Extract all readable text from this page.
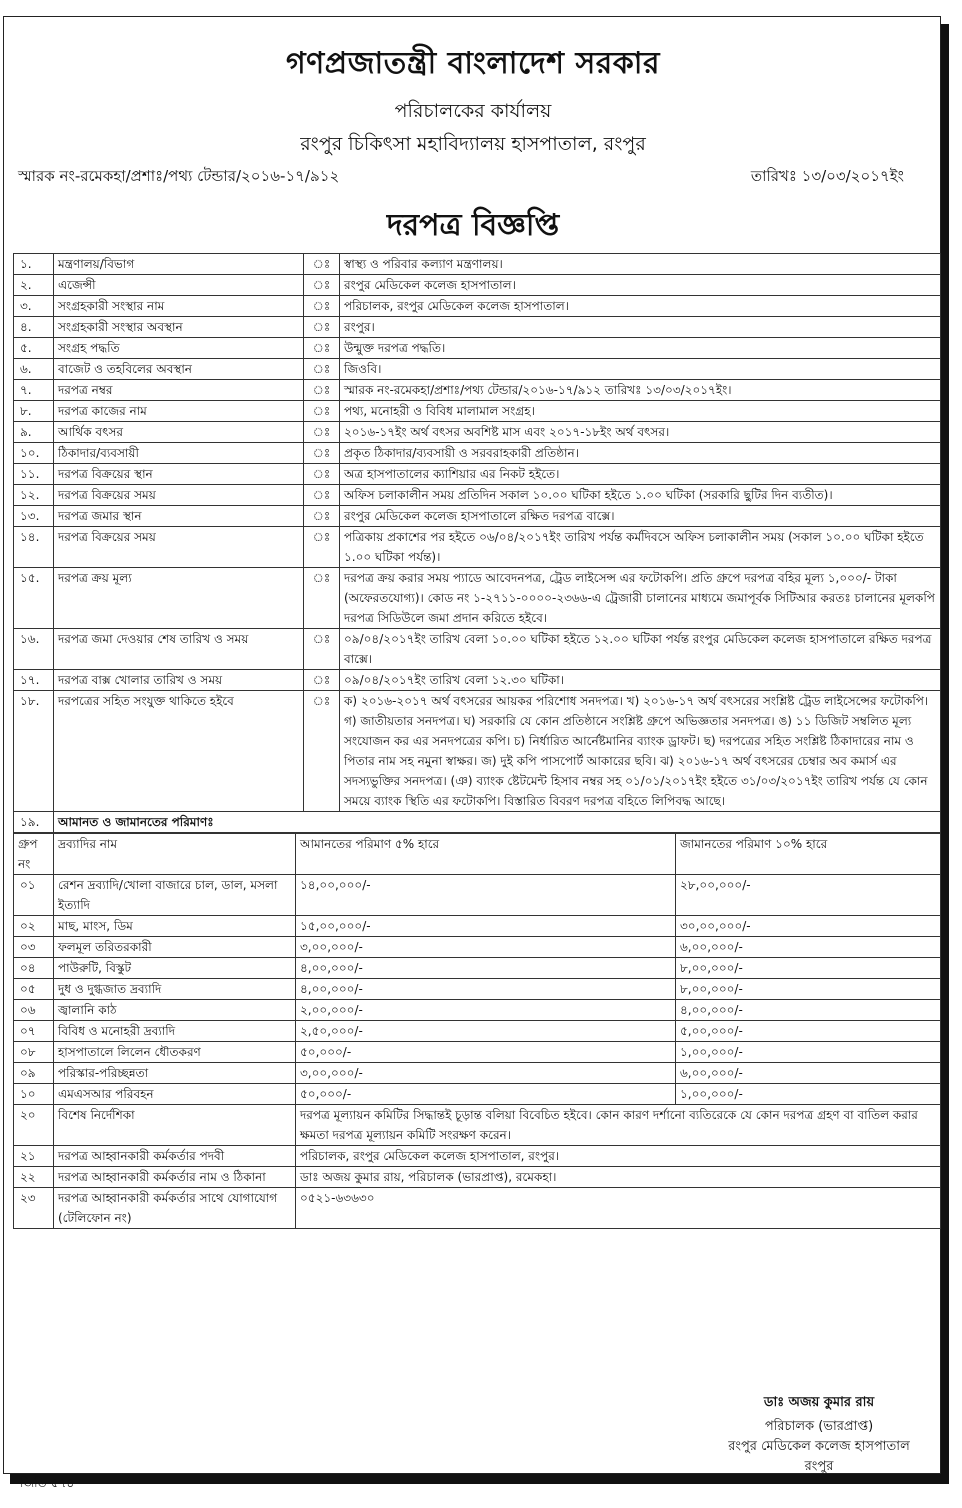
গণপ্রজাতন্ত্রী বাংলাদেশ সরকার
পরিচালকের কার্যালয়
রংপুর চিকিৎসা মহাবিদ্যালয় হাসপাতাল, রংপুর
স্মারক নং-রমেকহা/প্রশাঃ/পথ্য টেন্ডার/২০১৬-১৭/৯১২	তারিখঃ ১৩/০৩/২০১৭ইং
দরপত্র বিজ্ঞপ্তি
১.	মন্ত্রণালয়/বিভাগ	ঃ	স্বাস্থ্য ও পরিবার কল্যাণ মন্ত্রণালয়।
২.	এজেন্সী	ঃ	রংপুর মেডিকেল কলেজ হাসপাতাল।
৩.	সংগ্রহকারী সংস্থার নাম	ঃ	পরিচালক, রংপুর মেডিকেল কলেজ হাসপাতাল।
৪.	সংগ্রহকারী সংস্থার অবস্থান	ঃ	রংপুর।
৫.	সংগ্রহ পদ্ধতি	ঃ	উন্মুক্ত দরপত্র পদ্ধতি।
৬.	বাজেট ও তহবিলের অবস্থান	ঃ	জিওবি।
৭.	দরপত্র নম্বর	ঃ	স্মারক নং-রমেকহা/প্রশাঃ/পথ্য টেন্ডার/২০১৬-১৭/৯১২ তারিখঃ ১৩/০৩/২০১৭ইং।
৮.	দরপত্র কাজের নাম	ঃ	পথ্য, মনোহরী ও বিবিধ মালামাল সংগ্রহ।
৯.	আর্থিক বৎসর	ঃ	২০১৬-১৭ইং অর্থ বৎসর অবশিষ্ট মাস এবং ২০১৭-১৮ইং অর্থ বৎসর।
১০.	ঠিকাদার/ব্যবসায়ী	ঃ	প্রকৃত ঠিকাদার/ব্যবসায়ী ও সরবরাহকারী প্রতিষ্ঠান।
১১.	দরপত্র বিক্রয়ের স্থান	ঃ	অত্র হাসপাতালের ক্যাশিয়ার এর নিকট হইতে।
১২.	দরপত্র বিক্রয়ের সময়	ঃ	অফিস চলাকালীন সময় প্রতিদিন সকাল ১০.০০ ঘটিকা হইতে ১.০০ ঘটিকা (সরকারি ছুটির দিন ব্যতীত)।
১৩.	দরপত্র জমার স্থান	ঃ	রংপুর মেডিকেল কলেজ হাসপাতালে রক্ষিত দরপত্র বাক্সে।
১৪.	দরপত্র বিক্রয়ের সময়	ঃ	পত্রিকায় প্রকাশের পর হইতে ০৬/০৪/২০১৭ইং তারিখ পর্যন্ত কর্মদিবসে অফিস চলাকালীন সময় (সকাল ১০.০০ ঘটিকা হইতে ১.০০ ঘটিকা পর্যন্ত)।
১৫.	দরপত্র ক্রয় মূল্য	ঃ	দরপত্র ক্রয় করার সময় প্যাডে আবেদনপত্র, ট্রেড লাইসেন্স এর ফটোকপি। প্রতি গ্রুপে দরপত্র বহির মূল্য ১,০০০/- টাকা (অফেরতযোগ্য)। কোড নং ১-২৭১১-০০০০-২৩৬৬-এ ট্রেজারী চালানের মাধ্যমে জমাপূর্বক সিটিআর করতঃ চালানের মূলকপি দরপত্র সিডিউলে জমা প্রদান করিতে হইবে।
১৬.	দরপত্র জমা দেওয়ার শেষ তারিখ ও সময়	ঃ	০৯/০৪/২০১৭ইং তারিখ বেলা ১০.০০ ঘটিকা হইতে ১২.০০ ঘটিকা পর্যন্ত রংপুর মেডিকেল কলেজ হাসপাতালে রক্ষিত দরপত্র বাক্সে।
১৭.	দরপত্র বাক্স খোলার তারিখ ও সময়	ঃ	০৯/০৪/২০১৭ইং তারিখ বেলা ১২.৩০ ঘটিকা।
১৮.	দরপত্রের সহিত সংযুক্ত থাকিতে হইবে	ঃ	ক) ২০১৬-২০১৭ অর্থ বৎসরের আয়কর পরিশোধ সনদপত্র। খ) ২০১৬-১৭ অর্থ বৎসরের সংশ্লিষ্ট ট্রেড লাইসেন্সের ফটোকপি। গ) জাতীয়তার সনদপত্র। ঘ) সরকারি যে কোন প্রতিষ্ঠানে সংশ্লিষ্ট গ্রুপে অভিজ্ঞতার সনদপত্র। ঙ) ১১ ডিজিট সম্বলিত মূল্য সংযোজন কর এর সনদপত্রের কপি। চ) নির্ধারিত আর্নেষ্টমানির ব্যাংক ড্রাফট। ছ) দরপত্রের সহিত সংশ্লিষ্ট ঠিকাদারের নাম ও পিতার নাম সহ নমুনা স্বাক্ষর। জ) দুই কপি পাসপোর্ট আকারের ছবি। ঝ) ২০১৬-১৭ অর্থ বৎসরের চেম্বার অব কমার্স এর সদস্যভুক্তির সনদপত্র। (ঞ) ব্যাংক ষ্টেটমেন্ট হিসাব নম্বর সহ ০১/০১/২০১৭ইং হইতে ৩১/০৩/২০১৭ইং তারিখ পর্যন্ত যে কোন সময়ে ব্যাংক স্থিতি এর ফটোকপি। বিস্তারিত বিবরণ দরপত্র বহিতে লিপিবদ্ধ আছে।
১৯.	আমানত ও জামানতের পরিমাণঃ		
গ্রুপ নং	দ্রব্যাদির নাম	আমানতের পরিমাণ ৫% হারে	জামানতের পরিমাণ ১০% হারে
০১	রেশন দ্রব্যাদি/খোলা বাজারে চাল, ডাল, মসলা ইত্যাদি	১৪,০০,০০০/-	২৮,০০,০০০/-
০২	মাছ, মাংস, ডিম	১৫,০০,০০০/-	৩০,০০,০০০/-
০৩	ফলমূল তরিতরকারী	৩,০০,০০০/-	৬,০০,০০০/-
০৪	পাউরুটি, বিস্কুট	৪,০০,০০০/-	৮,০০,০০০/-
০৫	দুধ ও দুগ্ধজাত দ্রব্যাদি	৪,০০,০০০/-	৮,০০,০০০/-
০৬	জ্বালানি কাঠ	২,০০,০০০/-	৪,০০,০০০/-
০৭	বিবিধ ও মনোহরী দ্রব্যাদি	২,৫০,০০০/-	৫,০০,০০০/-
০৮	হাসপাতালে লিলেন ধৌতকরণ	৫০,০০০/-	১,০০,০০০/-
০৯	পরিস্কার-পরিচ্ছন্নতা	৩,০০,০০০/-	৬,০০,০০০/-
১০	এমএসআর পরিবহন	৫০,০০০/-	১,০০,০০০/-
২০	বিশেষ নির্দেশিকা	দরপত্র মূল্যায়ন কমিটির সিদ্ধান্তই চূড়ান্ত বলিয়া বিবেচিত হইবে। কোন কারণ দর্শানো ব্যতিরেকে যে কোন দরপত্র গ্রহণ বা বাতিল করার ক্ষমতা দরপত্র মূল্যায়ন কমিটি সংরক্ষণ করেন।	
২১	দরপত্র আহ্বানকারী কর্মকর্তার পদবী	পরিচালক, রংপুর মেডিকেল কলেজ হাসপাতাল, রংপুর।	
২২	দরপত্র আহ্বানকারী কর্মকর্তার নাম ও ঠিকানা	ডাঃ অজয় কুমার রায়, পরিচালক (ভারপ্রাপ্ত), রমেকহা।	
২৩	দরপত্র আহ্বানকারী কর্মকর্তার সাথে যোগাযোগ (টেলিফোন নং)	০৫২১-৬৩৬৩০	
ডাঃ অজয় কুমার রায়
পরিচালক (ভারপ্রাপ্ত)
রংপুর মেডিকেল কলেজ হাসপাতাল
রংপুর
জিডি-৫৭৪
